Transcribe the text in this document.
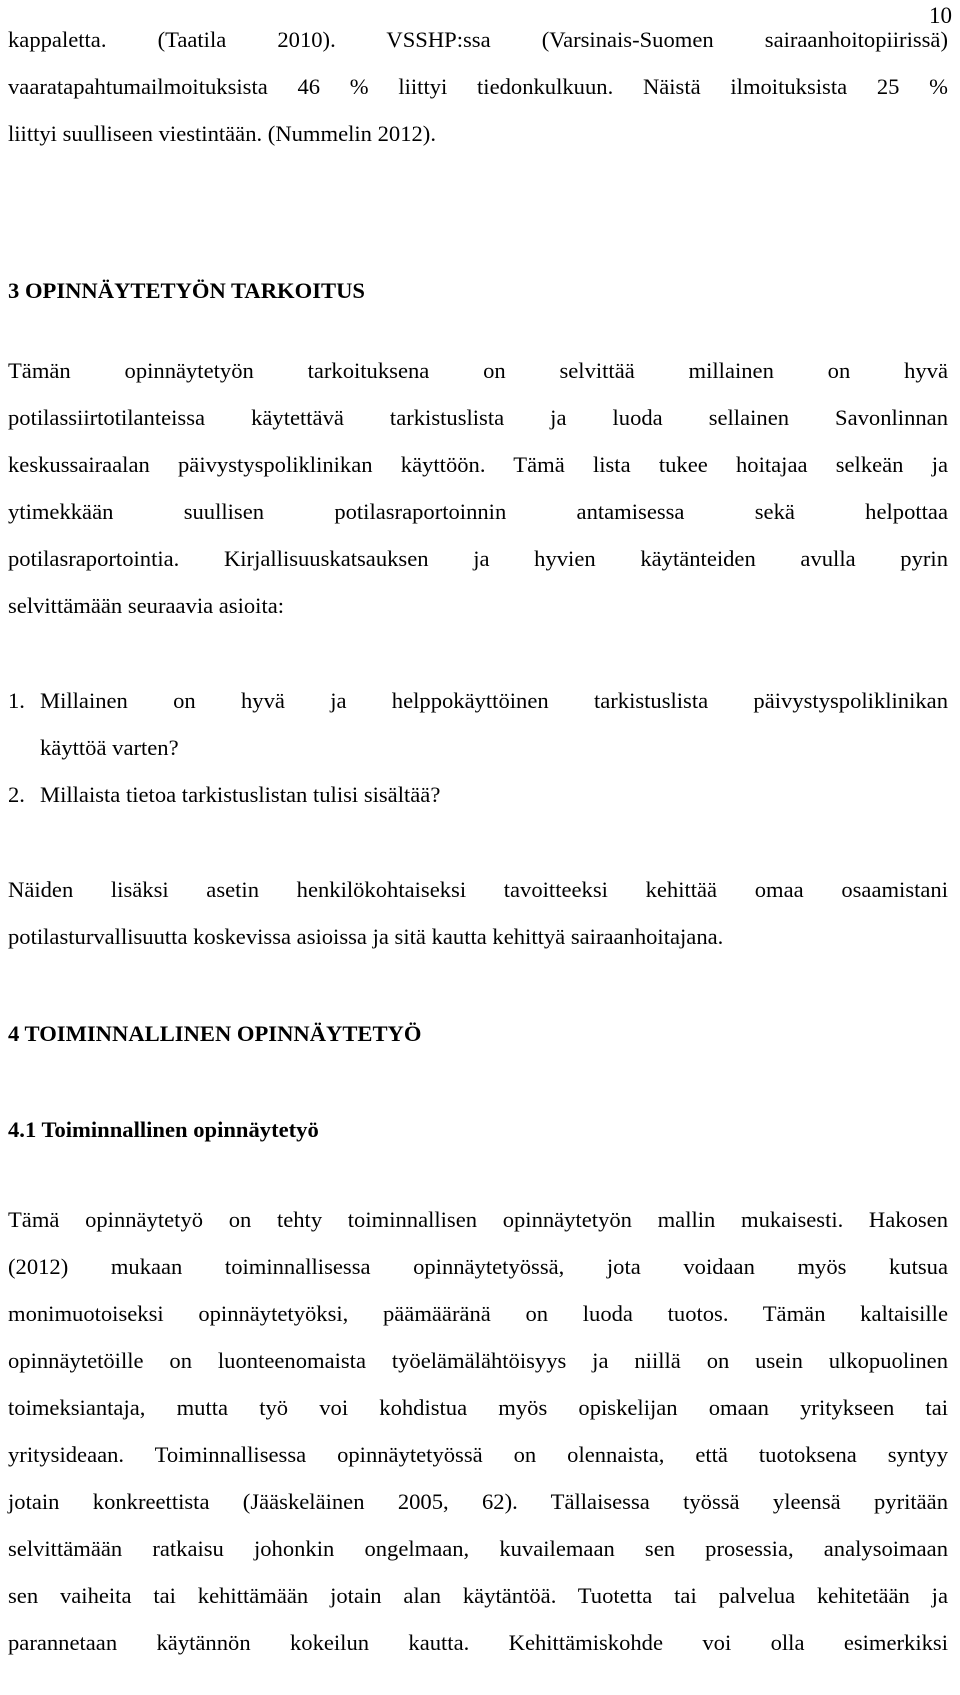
10
kappaletta. (Taatila 2010). VSSHP:ssa (Varsinais-Suomen sairaanhoitopiirissä)
vaaratapahtumailmoituksista 46 % liittyi tiedonkulkuun. Näistä ilmoituksista 25 %
liittyi suulliseen viestintään. (Nummelin 2012).
3 OPINNÄYTETYÖN TARKOITUS
Tämän opinnäytetyön tarkoituksena on selvittää millainen on hyvä
potilassiirtotilanteissa käytettävä tarkistuslista ja luoda sellainen Savonlinnan
keskussairaalan päivystyspoliklinikan käyttöön. Tämä lista tukee hoitajaa selkeän ja
ytimekkään suullisen potilasraportoinnin antamisessa sekä helpottaa
potilasraportointia. Kirjallisuuskatsauksen ja hyvien käytänteiden avulla pyrin
selvittämään seuraavia asioita:
1. Millainen on hyvä ja helppokäyttöinen tarkistuslista päivystyspoliklinikan
käyttöä varten?
2. Millaista tietoa tarkistuslistan tulisi sisältää?
Näiden lisäksi asetin henkilökohtaiseksi tavoitteeksi kehittää omaa osaamistani
potilasturvallisuutta koskevissa asioissa ja sitä kautta kehittyä sairaanhoitajana.
4 TOIMINNALLINEN OPINNÄYTETYÖ
4.1 Toiminnallinen opinnäytetyö
Tämä opinnäytetyö on tehty toiminnallisen opinnäytetyön mallin mukaisesti. Hakosen
(2012) mukaan toiminnallisessa opinnäytetyössä, jota voidaan myös kutsua
monimuotoiseksi opinnäytetyöksi, päämääränä on luoda tuotos. Tämän kaltaisille
opinnäytetöille on luonteenomaista työelämälähtöisyys ja niillä on usein ulkopuolinen
toimeksiantaja, mutta työ voi kohdistua myös opiskelijan omaan yritykseen tai
yritysideaan. Toiminnallisessa opinnäytetyössä on olennaista, että tuotoksena syntyy
jotain konkreettista (Jääskeläinen 2005, 62). Tällaisessa työssä yleensä pyritään
selvittämään ratkaisu johonkin ongelmaan, kuvailemaan sen prosessia, analysoimaan
sen vaiheita tai kehittämään jotain alan käytäntöä. Tuotetta tai palvelua kehitetään ja
parannetaan käytännön kokeilun kautta. Kehittämiskohde voi olla esimerkiksi
